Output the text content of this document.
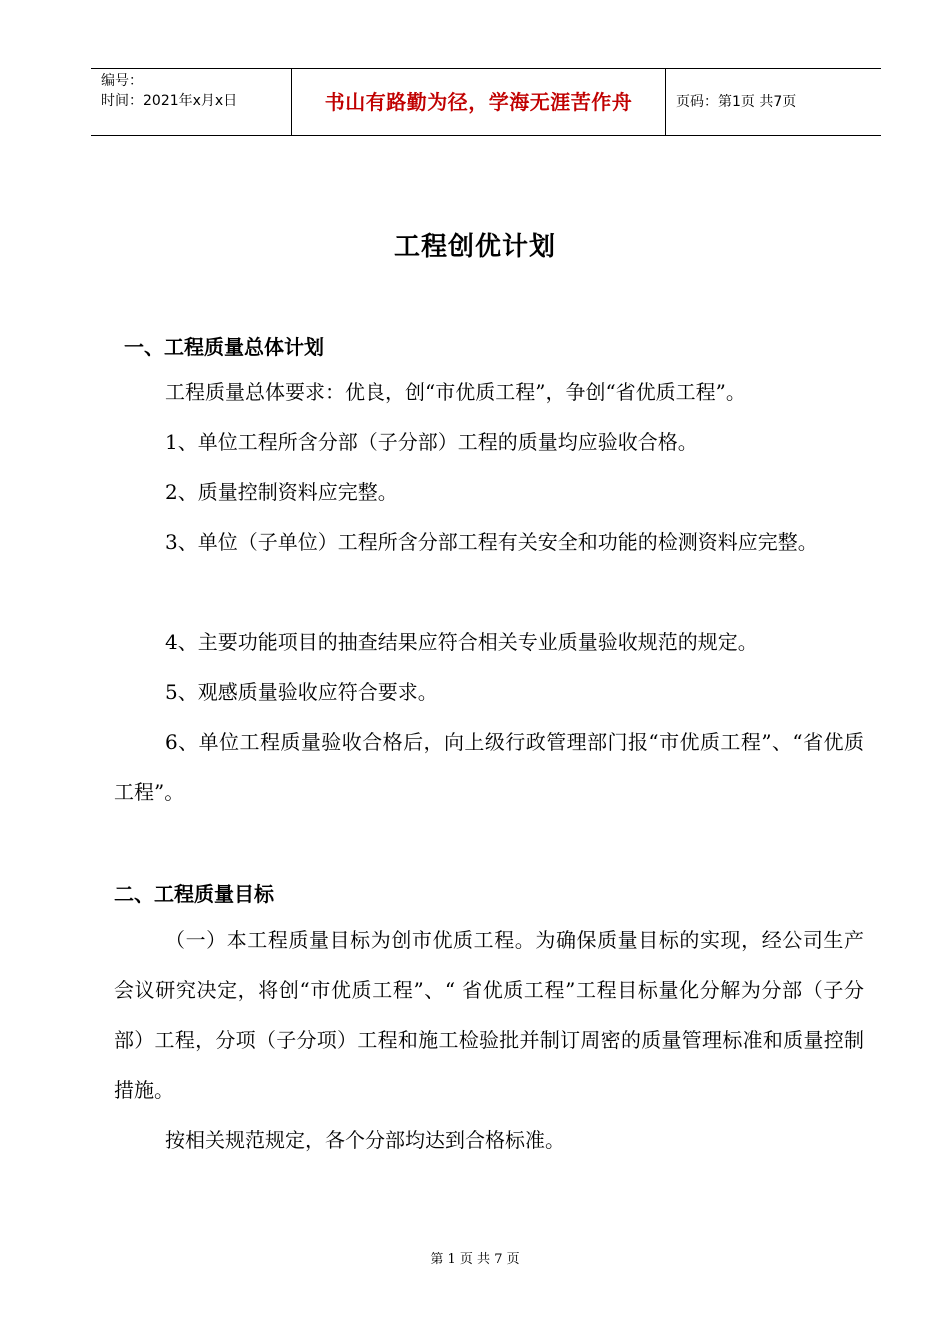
编号：
时间：2021年x月x日	书山有路勤为径，学海无涯苦作舟	页码：第1页 共7页
工程创优计划
一、工程质量总体计划

工程质量总体要求：优良，创“市优质工程”，争创“省优质工程”。

1、单位工程所含分部（子分部）工程的质量均应验收合格。

2、质量控制资料应完整。

3、单位（子单位）工程所含分部工程有关安全和功能的检测资料应完整。

4、主要功能项目的抽查结果应符合相关专业质量验收规范的规定。

5、观感质量验收应符合要求。

6、单位工程质量验收合格后，向上级行政管理部门报“市优质工程”、“省优质工程”。

二、工程质量目标

（一）本工程质量目标为创市优质工程。为确保质量目标的实现，经公司生产会议研究决定，将创“市优质工程”、“ 省优质工程”工程目标量化分解为分部（子分部）工程，分项（子分项）工程和施工检验批并制订周密的质量管理标准和质量控制措施。

按相关规范规定，各个分部均达到合格标准。

第 1 页 共 7 页
